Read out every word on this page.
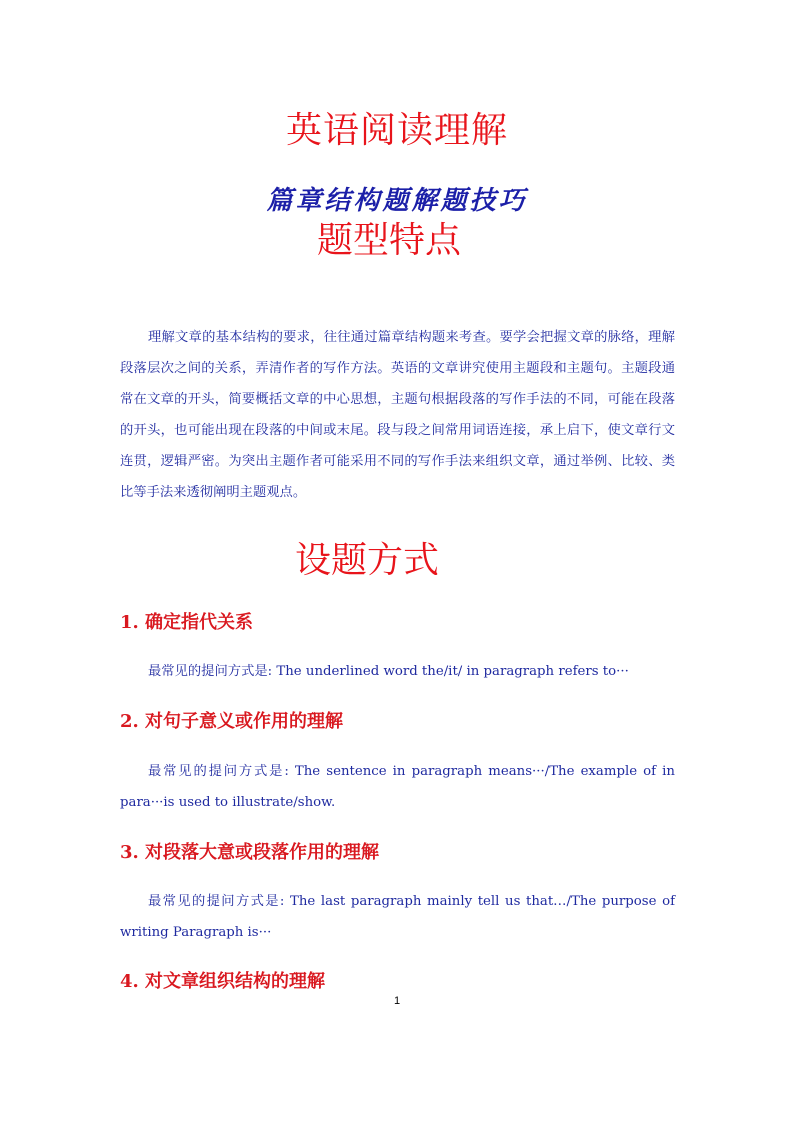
英语阅读理解
篇章结构题解题技巧
题型特点

理解文章的基本结构的要求，往往通过篇章结构题来考查。要学会把握文章的脉络，理解段落层次之间的关系，弄清作者的写作方法。英语的文章讲究使用主题段和主题句。主题段通常在文章的开头，简要概括文章的中心思想，主题句根据段落的写作手法的不同，可能在段落的开头，也可能出现在段落的中间或末尾。段与段之间常用词语连接，承上启下，使文章行文连贯，逻辑严密。为突出主题作者可能采用不同的写作手法来组织文章，通过举例、比较、类比等手法来透彻阐明主题观点。

设题方式
1. 确定指代关系

最常见的提问方式是: The underlined word the/it/ in paragraph refers to···

2. 对句子意义或作用的理解

最常见的提问方式是: The sentence in paragraph means···/The example of in para···is used to illustrate/show.

3. 对段落大意或段落作用的理解

最常见的提问方式是: The last paragraph mainly tell us that…/The purpose of writing Paragraph is···

4. 对文章组织结构的理解
1
